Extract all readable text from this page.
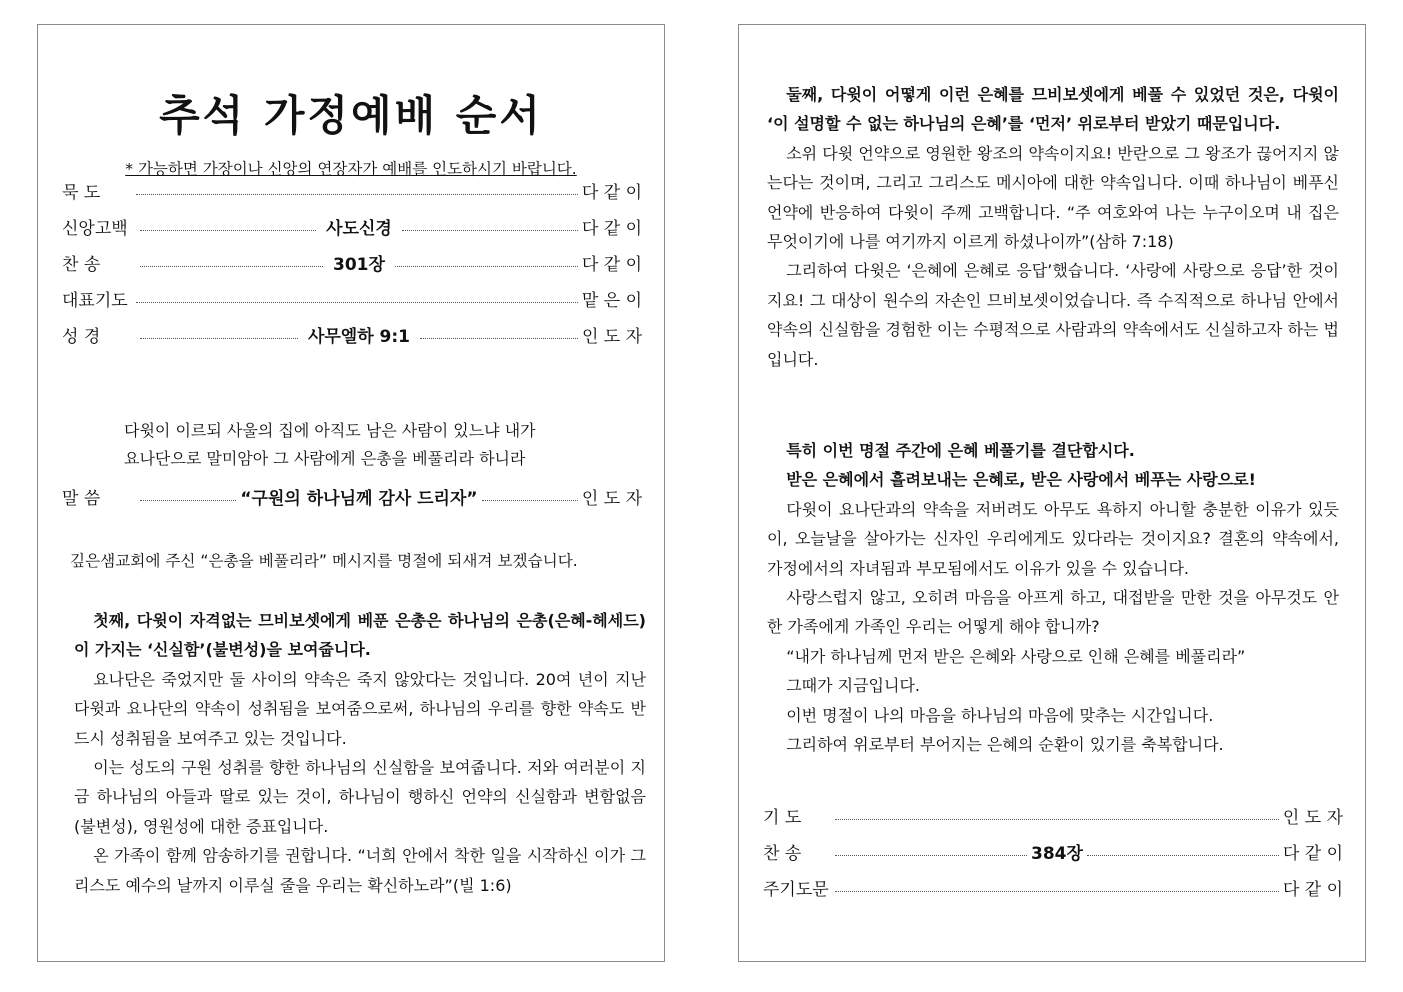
추석 가정예배 순서
* 가능하면 가장이나 신앙의 연장자가 예배를 인도하시기 바랍니다.
묵 도	다 같 이
신앙고백	사도신경	다 같 이
찬 송	301장	다 같 이
대표기도	맡 은 이
성 경	사무엘하 9:1	인 도 자
다윗이 이르되 사울의 집에 아직도 남은 사람이 있느냐 내가
요나단으로 말미암아 그 사람에게 은총을 베풀리라 하니라
말 씀	“구원의 하나님께 감사 드리자”	인 도 자
깊은샘교회에 주신 “은총을 베풀리라” 메시지를 명절에 되새겨 보겠습니다.

첫째, 다윗이 자격없는 므비보셋에게 베푼 은총은 하나님의 은총(은혜-헤세드)이 가지는 ‘신실함’(불변성)을 보여줍니다.

요나단은 죽었지만 둘 사이의 약속은 죽지 않았다는 것입니다. 20여 년이 지난 다윗과 요나단의 약속이 성취됨을 보여줌으로써, 하나님의 우리를 향한 약속도 반드시 성취됨을 보여주고 있는 것입니다.

이는 성도의 구원 성취를 향한 하나님의 신실함을 보여줍니다. 저와 여러분이 지금 하나님의 아들과 딸로 있는 것이, 하나님이 행하신 언약의 신실함과 변함없음(불변성), 영원성에 대한 증표입니다.

온 가족이 함께 암송하기를 권합니다. “너희 안에서 착한 일을 시작하신 이가 그리스도 예수의 날까지 이루실 줄을 우리는 확신하노라”(빌 1:6)

둘째, 다윗이 어떻게 이런 은혜를 므비보셋에게 베풀 수 있었던 것은, 다윗이 ‘이 설명할 수 없는 하나님의 은혜’를 ‘먼저’ 위로부터 받았기 때문입니다.

소위 다윗 언약으로 영원한 왕조의 약속이지요! 반란으로 그 왕조가 끊어지지 않는다는 것이며, 그리고 그리스도 메시아에 대한 약속입니다. 이때 하나님이 베푸신 언약에 반응하여 다윗이 주께 고백합니다. “주 여호와여 나는 누구이오며 내 집은 무엇이기에 나를 여기까지 이르게 하셨나이까”(삼하 7:18)

그리하여 다윗은 ‘은혜에 은혜로 응답’했습니다. ‘사랑에 사랑으로 응답’한 것이지요! 그 대상이 원수의 자손인 므비보셋이었습니다. 즉 수직적으로 하나님 안에서 약속의 신실함을 경험한 이는 수평적으로 사람과의 약속에서도 신실하고자 하는 법입니다.

특히 이번 명절 주간에 은혜 베풀기를 결단합시다.

받은 은혜에서 흘려보내는 은혜로, 받은 사랑에서 베푸는 사랑으로!

다윗이 요나단과의 약속을 저버려도 아무도 욕하지 아니할 충분한 이유가 있듯이, 오늘날을 살아가는 신자인 우리에게도 있다라는 것이지요? 결혼의 약속에서, 가정에서의 자녀됨과 부모됨에서도 이유가 있을 수 있습니다.

사랑스럽지 않고, 오히려 마음을 아프게 하고, 대접받을 만한 것을 아무것도 안한 가족에게 가족인 우리는 어떻게 해야 합니까?

“내가 하나님께 먼저 받은 은혜와 사랑으로 인해 은혜를 베풀리라”

그때가 지금입니다.

이번 명절이 나의 마음을 하나님의 마음에 맞추는 시간입니다.

그리하여 위로부터 부어지는 은혜의 순환이 있기를 축복합니다.

기 도	인 도 자
찬 송	384장	다 같 이
주기도문	다 같 이
